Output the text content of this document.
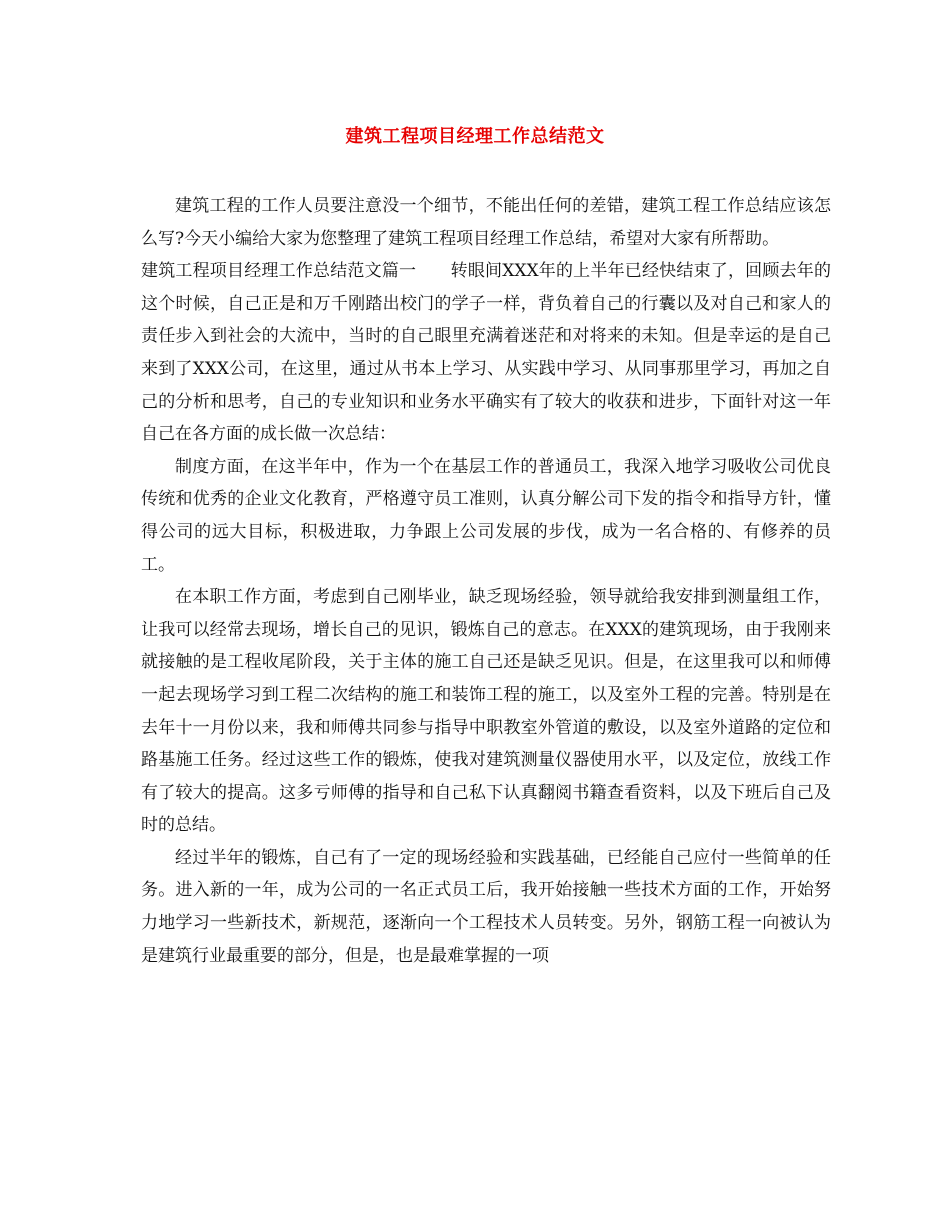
建筑工程项目经理工作总结范文

建筑工程的工作人员要注意没一个细节，不能出任何的差错，建筑工程工作总结应该怎么写?今天小编给大家为您整理了建筑工程项目经理工作总结，希望对大家有所帮助。

建筑工程项目经理工作总结范文篇一　　转眼间XXX年的上半年已经快结束了，回顾去年的这个时候，自己正是和万千刚踏出校门的学子一样，背负着自己的行囊以及对自己和家人的责任步入到社会的大流中，当时的自己眼里充满着迷茫和对将来的未知。但是幸运的是自己来到了XXX公司，在这里，通过从书本上学习、从实践中学习、从同事那里学习，再加之自己的分析和思考，自己的专业知识和业务水平确实有了较大的收获和进步，下面针对这一年自己在各方面的成长做一次总结：

制度方面，在这半年中，作为一个在基层工作的普通员工，我深入地学习吸收公司优良传统和优秀的企业文化教育，严格遵守员工准则，认真分解公司下发的指令和指导方针，懂得公司的远大目标，积极进取，力争跟上公司发展的步伐，成为一名合格的、有修养的员工。

在本职工作方面，考虑到自己刚毕业，缺乏现场经验，领导就给我安排到测量组工作，让我可以经常去现场，增长自己的见识，锻炼自己的意志。在XXX的建筑现场，由于我刚来就接触的是工程收尾阶段，关于主体的施工自己还是缺乏见识。但是，在这里我可以和师傅一起去现场学习到工程二次结构的施工和装饰工程的施工，以及室外工程的完善。特别是在去年十一月份以来，我和师傅共同参与指导中职教室外管道的敷设，以及室外道路的定位和路基施工任务。经过这些工作的锻炼，使我对建筑测量仪器使用水平，以及定位，放线工作有了较大的提高。这多亏师傅的指导和自己私下认真翻阅书籍查看资料，以及下班后自己及时的总结。

经过半年的锻炼，自己有了一定的现场经验和实践基础，已经能自己应付一些简单的任务。进入新的一年，成为公司的一名正式员工后，我开始接触一些技术方面的工作，开始努力地学习一些新技术，新规范，逐渐向一个工程技术人员转变。另外，钢筋工程一向被认为是建筑行业最重要的部分，但是，也是最难掌握的一项
